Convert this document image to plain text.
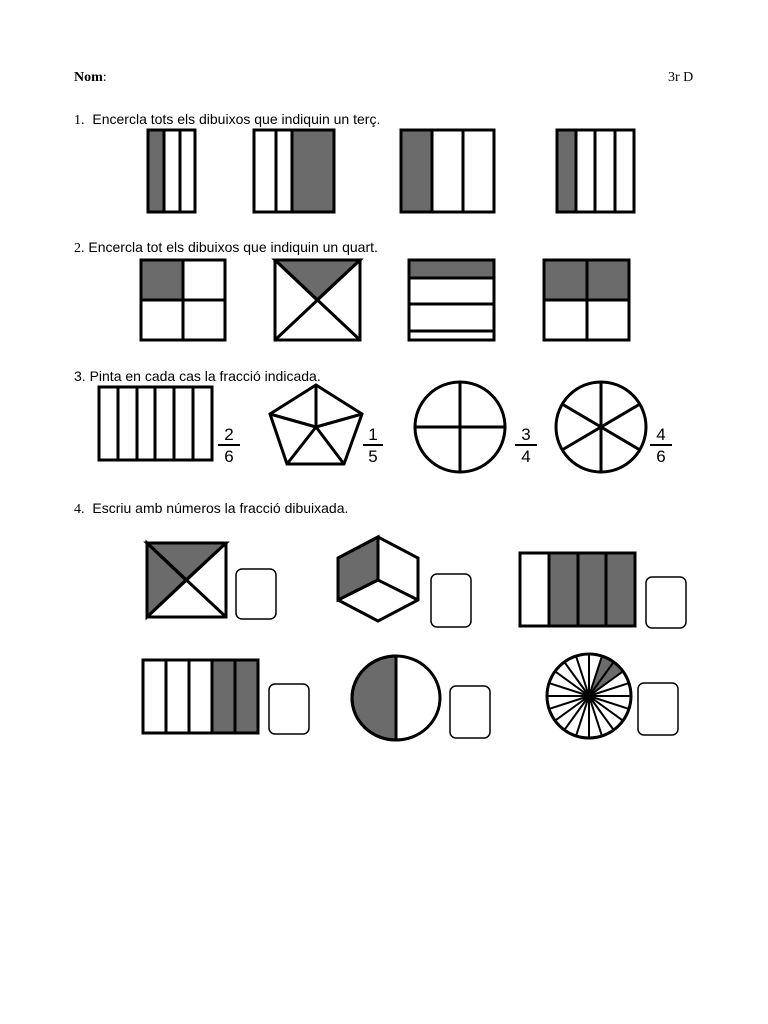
Nom:	3r D
1. Encercla tots els dibuixos que indiquin un terç.
2
6
1
5
3
4
4
6
2. Encercla tot els dibuixos que indiquin un quart.
3. Pinta en cada cas la fracció indicada.
4. Escriu amb números la fracció dibuixada.
